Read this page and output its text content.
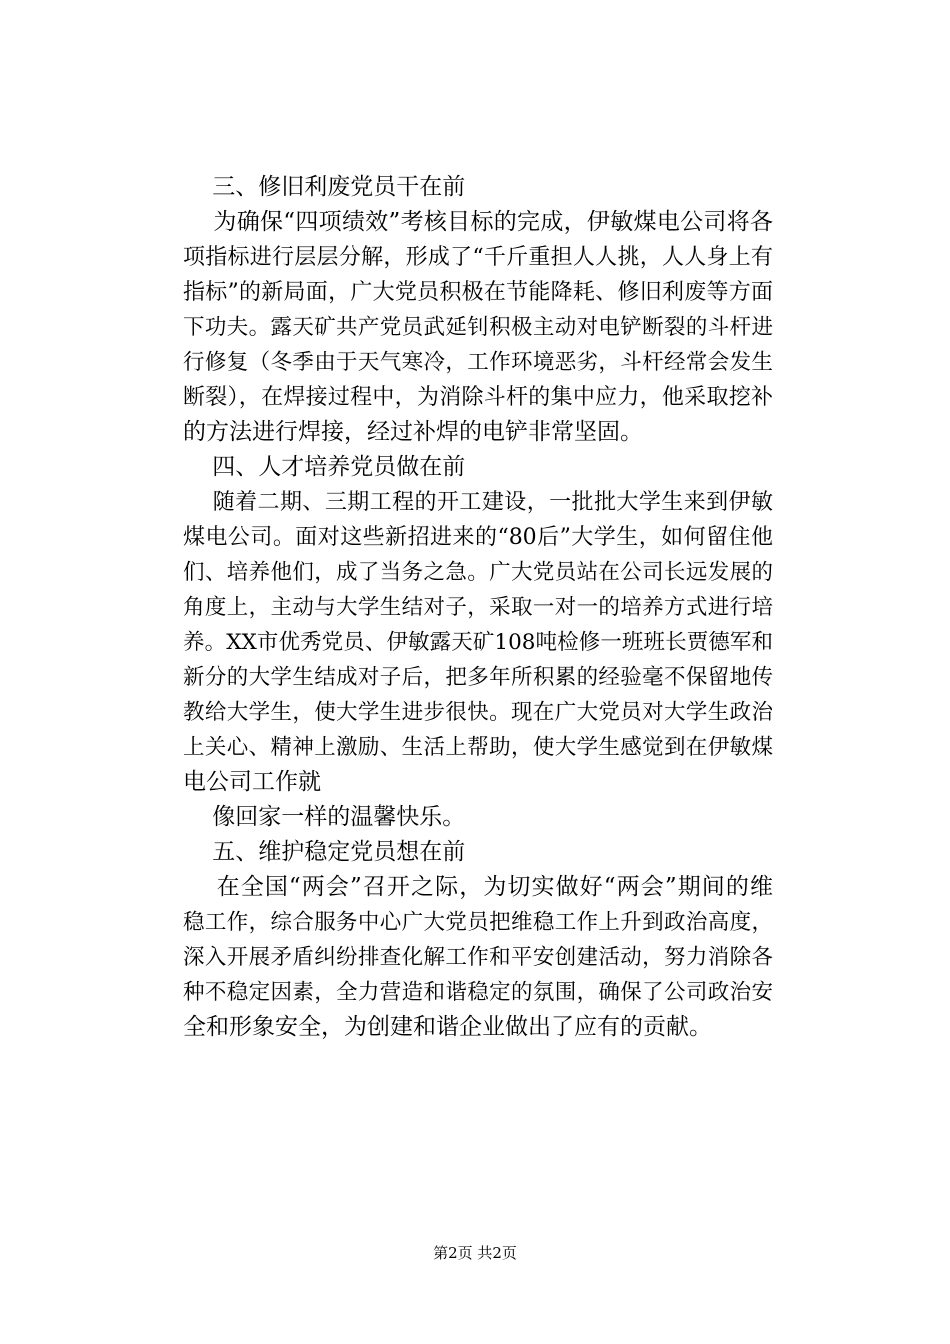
三、修旧利废党员干在前
为确保“四项绩效”考核目标的完成，伊敏煤电公司将各
项指标进行层层分解，形成了“千斤重担人人挑，人人身上有
指标”的新局面，广大党员积极在节能降耗、修旧利废等方面
下功夫。露天矿共产党员武延钊积极主动对电铲断裂的斗杆进
行修复（冬季由于天气寒冷，工作环境恶劣，斗杆经常会发生
断裂），在焊接过程中，为消除斗杆的集中应力，他采取挖补
的方法进行焊接，经过补焊的电铲非常坚固。
四、人才培养党员做在前
随着二期、三期工程的开工建设，一批批大学生来到伊敏
煤电公司。面对这些新招进来的“80后”大学生，如何留住他
们、培养他们，成了当务之急。广大党员站在公司长远发展的
角度上，主动与大学生结对子，采取一对一的培养方式进行培
养。XX市优秀党员、伊敏露天矿108吨检修一班班长贾德军和
新分的大学生结成对子后，把多年所积累的经验毫不保留地传
教给大学生，使大学生进步很快。现在广大党员对大学生政治
上关心、精神上激励、生活上帮助，使大学生感觉到在伊敏煤
电公司工作就
像回家一样的温馨快乐。
五、维护稳定党员想在前
在全国“两会”召开之际，为切实做好“两会”期间的维
稳工作，综合服务中心广大党员把维稳工作上升到政治高度，
深入开展矛盾纠纷排查化解工作和平安创建活动，努力消除各
种不稳定因素，全力营造和谐稳定的氛围，确保了公司政治安
全和形象安全，为创建和谐企业做出了应有的贡献。
第2页 共2页
